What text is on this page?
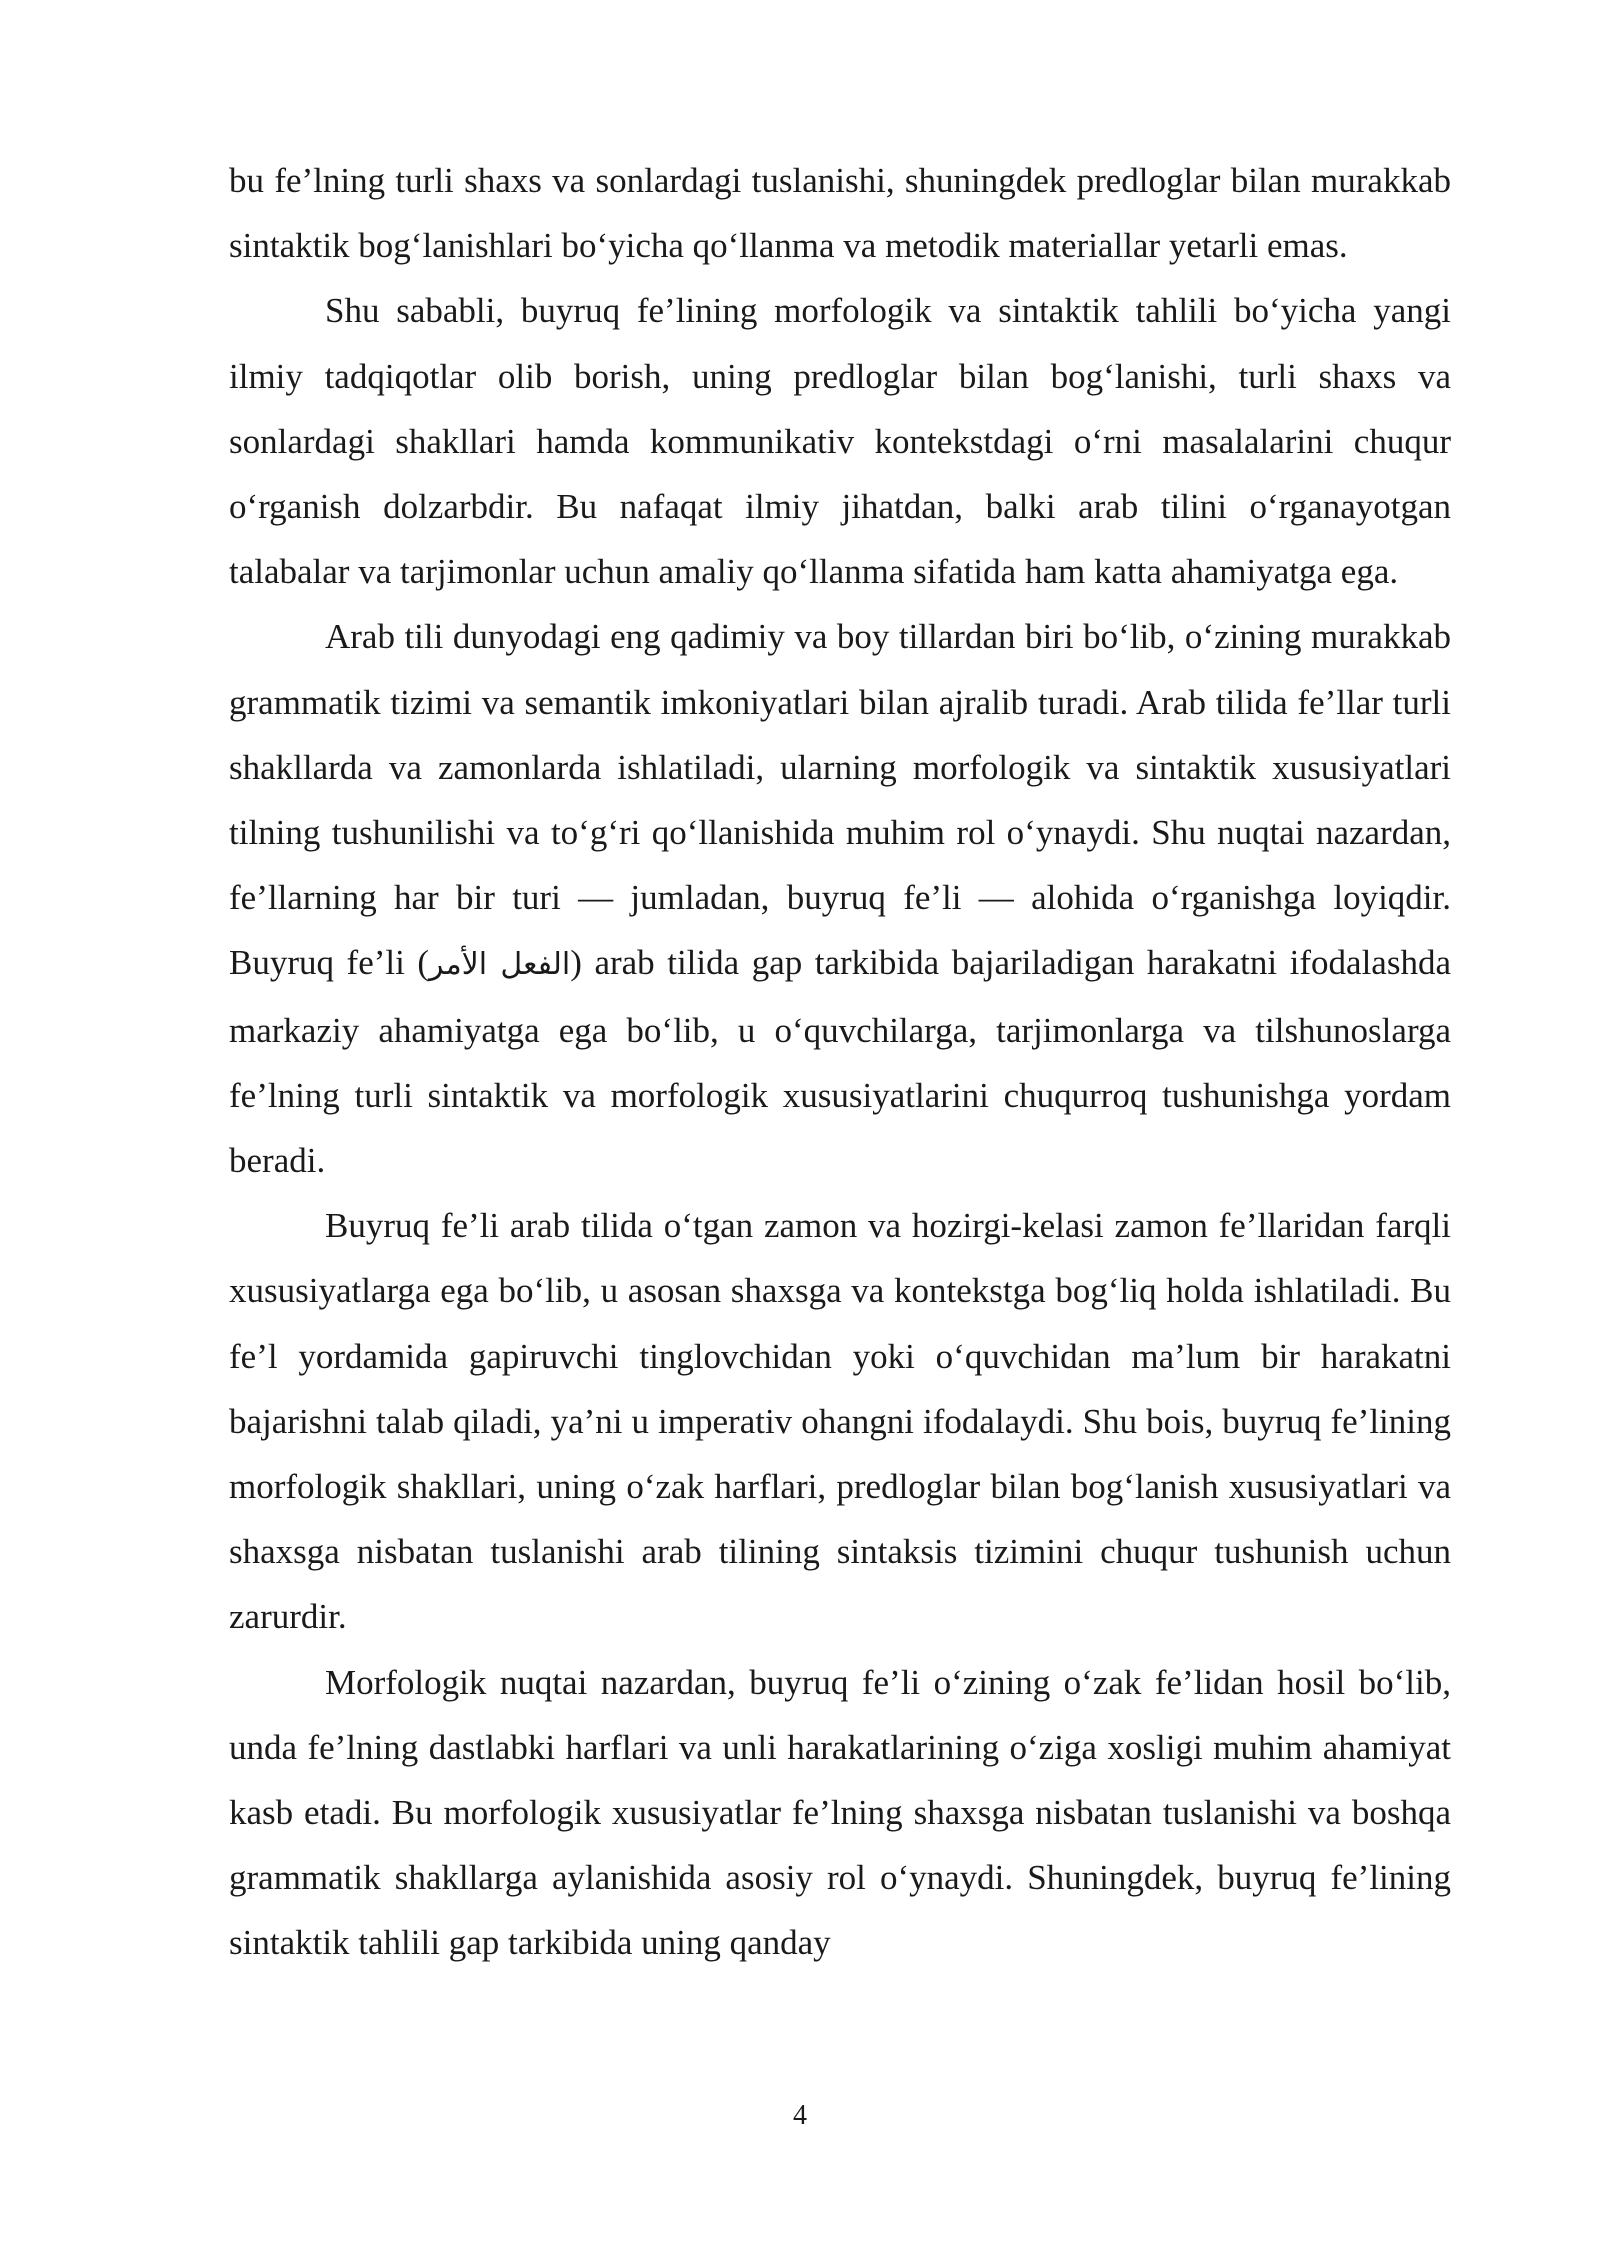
bu fe’lning turli shaxs va sonlardagi tuslanishi, shuningdek predloglar bilan murakkab sintaktik bog‘lanishlari bo‘yicha qo‘llanma va metodik materiallar yetarli emas.

Shu sababli, buyruq fe’lining morfologik va sintaktik tahlili bo‘yicha yangi ilmiy tadqiqotlar olib borish, uning predloglar bilan bog‘lanishi, turli shaxs va sonlardagi shakllari hamda kommunikativ kontekstdagi o‘rni masalalarini chuqur o‘rganish dolzarbdir. Bu nafaqat ilmiy jihatdan, balki arab tilini o‘rganayotgan talabalar va tarjimonlar uchun amaliy qo‘llanma sifatida ham katta ahamiyatga ega.

Arab tili dunyodagi eng qadimiy va boy tillardan biri bo‘lib, o‘zining murakkab grammatik tizimi va semantik imkoniyatlari bilan ajralib turadi. Arab tilida fe’llar turli shakllarda va zamonlarda ishlatiladi, ularning morfologik va sintaktik xususiyatlari tilning tushunilishi va to‘g‘ri qo‘llanishida muhim rol o‘ynaydi. Shu nuqtai nazardan, fe’llarning har bir turi — jumladan, buyruq fe’li — alohida o‘rganishga loyiqdir. Buyruq fe’li (الفعل الأمر) arab tilida gap tarkibida bajariladigan harakatni ifodalashda markaziy ahamiyatga ega bo‘lib, u o‘quvchilarga, tarjimonlarga va tilshunoslarga fe’lning turli sintaktik va morfologik xususiyatlarini chuqurroq tushunishga yordam beradi.

Buyruq fe’li arab tilida o‘tgan zamon va hozirgi-kelasi zamon fe’llaridan farqli xususiyatlarga ega bo‘lib, u asosan shaxsga va kontekstga bog‘liq holda ishlatiladi. Bu fe’l yordamida gapiruvchi tinglovchidan yoki o‘quvchidan ma’lum bir harakatni bajarishni talab qiladi, ya’ni u imperativ ohangni ifodalaydi. Shu bois, buyruq fe’lining morfologik shakllari, uning o‘zak harflari, predloglar bilan bog‘lanish xususiyatlari va shaxsga nisbatan tuslanishi arab tilining sintaksis tizimini chuqur tushunish uchun zarurdir.

Morfologik nuqtai nazardan, buyruq fe’li o‘zining o‘zak fe’lidan hosil bo‘lib, unda fe’lning dastlabki harflari va unli harakatlarining o‘ziga xosligi muhim ahamiyat kasb etadi. Bu morfologik xususiyatlar fe’lning shaxsga nisbatan tuslanishi va boshqa grammatik shakllarga aylanishida asosiy rol o‘ynaydi. Shuningdek, buyruq fe’lining sintaktik tahlili gap tarkibida uning qanday

4
